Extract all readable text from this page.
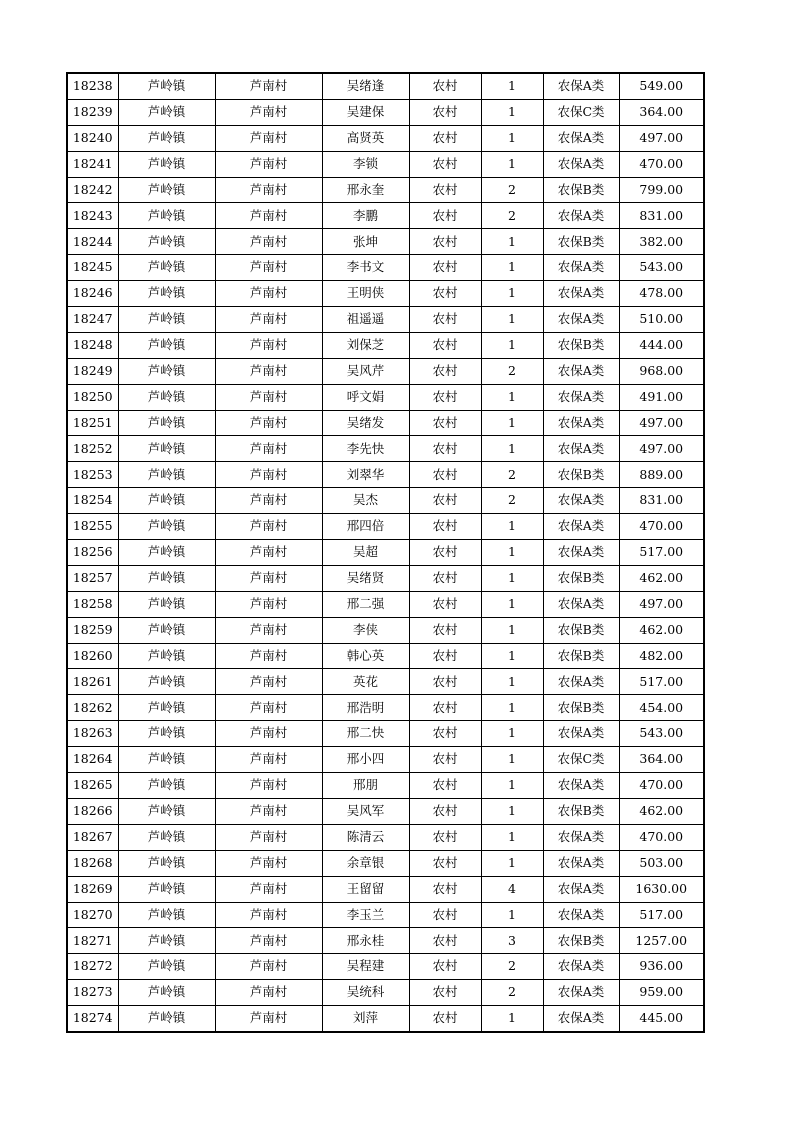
18238	芦岭镇	芦南村	吴绪逢	农村	1	农保A类	549.00
18239	芦岭镇	芦南村	吴建保	农村	1	农保C类	364.00
18240	芦岭镇	芦南村	高贤英	农村	1	农保A类	497.00
18241	芦岭镇	芦南村	李锁	农村	1	农保A类	470.00
18242	芦岭镇	芦南村	邢永奎	农村	2	农保B类	799.00
18243	芦岭镇	芦南村	李鹏	农村	2	农保A类	831.00
18244	芦岭镇	芦南村	张坤	农村	1	农保B类	382.00
18245	芦岭镇	芦南村	李书文	农村	1	农保A类	543.00
18246	芦岭镇	芦南村	王明侠	农村	1	农保A类	478.00
18247	芦岭镇	芦南村	祖遥遥	农村	1	农保A类	510.00
18248	芦岭镇	芦南村	刘保芝	农村	1	农保B类	444.00
18249	芦岭镇	芦南村	吴风芹	农村	2	农保A类	968.00
18250	芦岭镇	芦南村	呼文娟	农村	1	农保A类	491.00
18251	芦岭镇	芦南村	吴绪发	农村	1	农保A类	497.00
18252	芦岭镇	芦南村	李先快	农村	1	农保A类	497.00
18253	芦岭镇	芦南村	刘翠华	农村	2	农保B类	889.00
18254	芦岭镇	芦南村	吴杰	农村	2	农保A类	831.00
18255	芦岭镇	芦南村	邢四倍	农村	1	农保A类	470.00
18256	芦岭镇	芦南村	吴超	农村	1	农保A类	517.00
18257	芦岭镇	芦南村	吴绪贤	农村	1	农保B类	462.00
18258	芦岭镇	芦南村	邢二强	农村	1	农保A类	497.00
18259	芦岭镇	芦南村	李侠	农村	1	农保B类	462.00
18260	芦岭镇	芦南村	韩心英	农村	1	农保B类	482.00
18261	芦岭镇	芦南村	英花	农村	1	农保A类	517.00
18262	芦岭镇	芦南村	邢浩明	农村	1	农保B类	454.00
18263	芦岭镇	芦南村	邢二快	农村	1	农保A类	543.00
18264	芦岭镇	芦南村	邢小四	农村	1	农保C类	364.00
18265	芦岭镇	芦南村	邢朋	农村	1	农保A类	470.00
18266	芦岭镇	芦南村	吴风军	农村	1	农保B类	462.00
18267	芦岭镇	芦南村	陈清云	农村	1	农保A类	470.00
18268	芦岭镇	芦南村	余章银	农村	1	农保A类	503.00
18269	芦岭镇	芦南村	王留留	农村	4	农保A类	1630.00
18270	芦岭镇	芦南村	李玉兰	农村	1	农保A类	517.00
18271	芦岭镇	芦南村	邢永桂	农村	3	农保B类	1257.00
18272	芦岭镇	芦南村	吴程建	农村	2	农保A类	936.00
18273	芦岭镇	芦南村	吴统科	农村	2	农保A类	959.00
18274	芦岭镇	芦南村	刘萍	农村	1	农保A类	445.00
